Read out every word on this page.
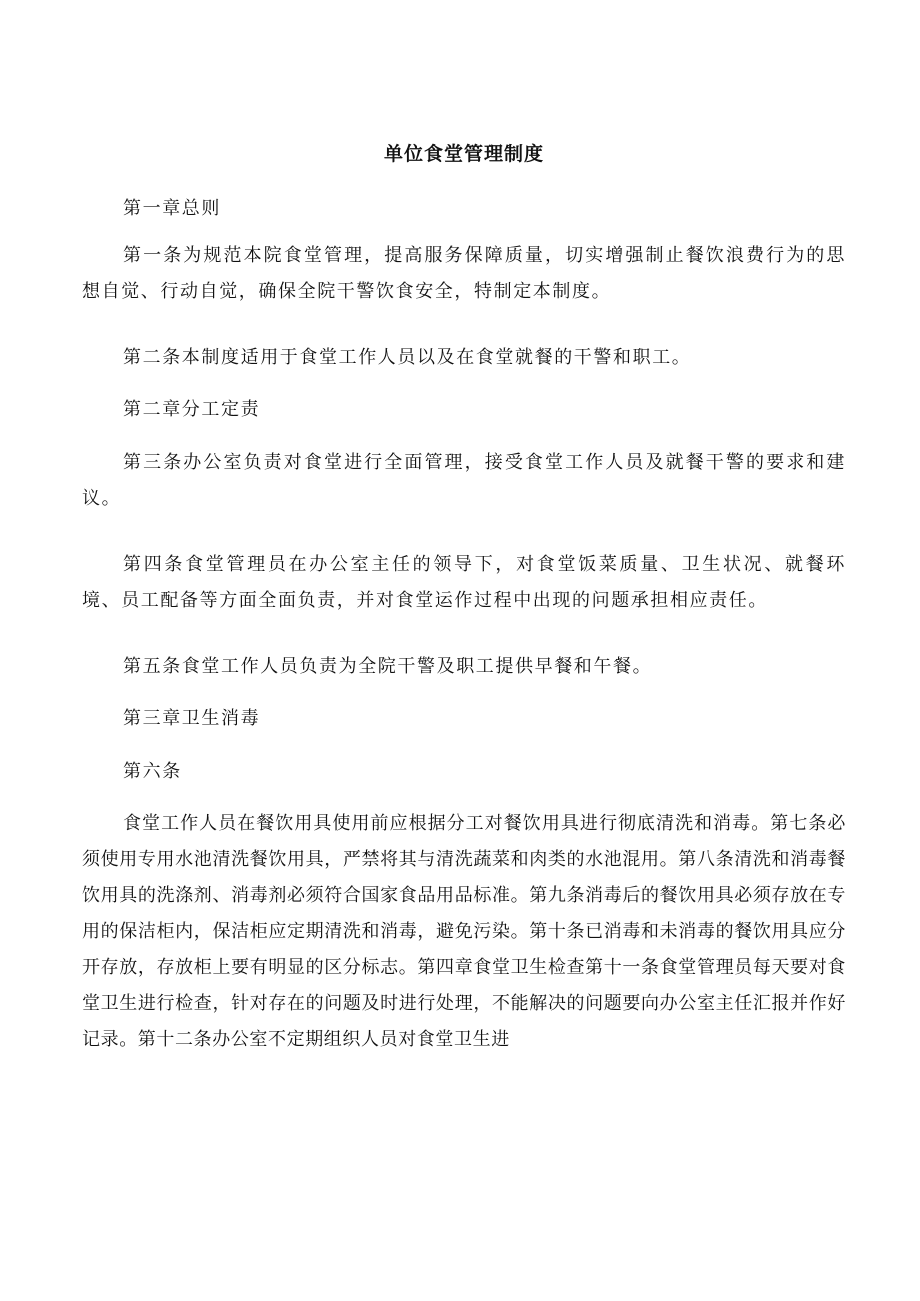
单位食堂管理制度

第一章总则

第一条为规范本院食堂管理，提高服务保障质量，切实增强制止餐饮浪费行为的思想自觉、行动自觉，确保全院干警饮食安全，特制定本制度。

第二条本制度适用于食堂工作人员以及在食堂就餐的干警和职工。

第二章分工定责

第三条办公室负责对食堂进行全面管理，接受食堂工作人员及就餐干警的要求和建议。

第四条食堂管理员在办公室主任的领导下，对食堂饭菜质量、卫生状况、就餐环境、员工配备等方面全面负责，并对食堂运作过程中出现的问题承担相应责任。

第五条食堂工作人员负责为全院干警及职工提供早餐和午餐。

第三章卫生消毒

第六条

食堂工作人员在餐饮用具使用前应根据分工对餐饮用具进行彻底清洗和消毒。第七条必须使用专用水池清洗餐饮用具，严禁将其与清洗蔬菜和肉类的水池混用。第八条清洗和消毒餐饮用具的洗涤剂、消毒剂必须符合国家食品用品标准。第九条消毒后的餐饮用具必须存放在专用的保洁柜内，保洁柜应定期清洗和消毒，避免污染。第十条已消毒和未消毒的餐饮用具应分开存放，存放柜上要有明显的区分标志。第四章食堂卫生检查第十一条食堂管理员每天要对食堂卫生进行检查，针对存在的问题及时进行处理，不能解决的问题要向办公室主任汇报并作好记录。第十二条办公室不定期组织人员对食堂卫生进
